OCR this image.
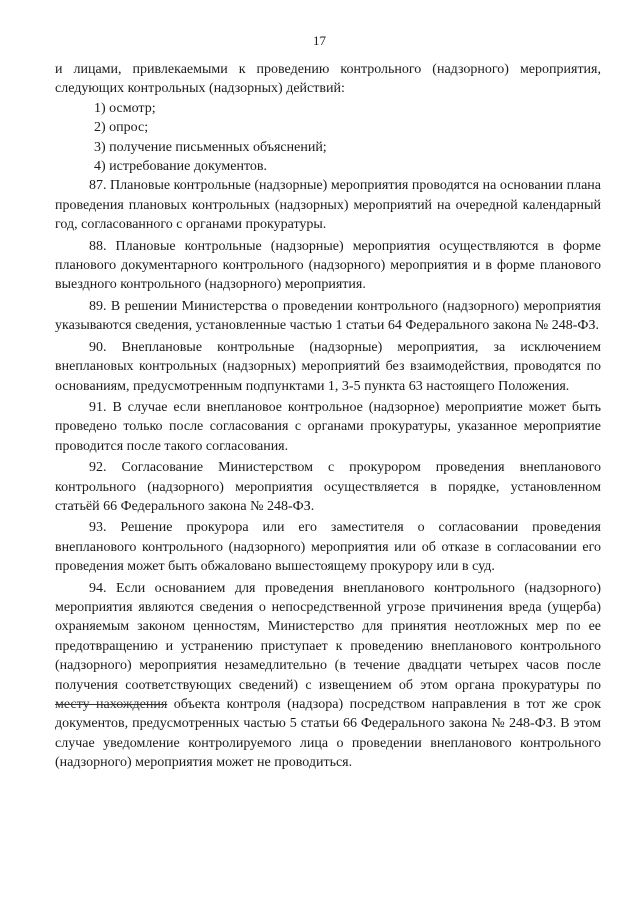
17

и лицами, привлекаемыми к проведению контрольного (надзорного) мероприятия, следующих контрольных (надзорных) действий:

1) осмотр;

2) опрос;

3) получение письменных объяснений;

4) истребование документов.

87. Плановые контрольные (надзорные) мероприятия проводятся на основании плана проведения плановых контрольных (надзорных) мероприятий на очередной календарный год, согласованного с органами прокуратуры.

88. Плановые контрольные (надзорные) мероприятия осуществляются в форме планового документарного контрольного (надзорного) мероприятия и в форме планового выездного контрольного (надзорного) мероприятия.

89. В решении Министерства о проведении контрольного (надзорного) мероприятия указываются сведения, установленные частью 1 статьи 64 Федерального закона № 248-ФЗ.

90. Внеплановые контрольные (надзорные) мероприятия, за исключением внеплановых контрольных (надзорных) мероприятий без взаимодействия, проводятся по основаниям, предусмотренным подпунктами 1, 3-5 пункта 63 настоящего Положения.

91. В случае если внеплановое контрольное (надзорное) мероприятие может быть проведено только после согласования с органами прокуратуры, указанное мероприятие проводится после такого согласования.

92. Согласование Министерством с прокурором проведения внепланового контрольного (надзорного) мероприятия осуществляется в порядке, установленном статьёй 66 Федерального закона № 248-ФЗ.

93. Решение прокурора или его заместителя о согласовании проведения внепланового контрольного (надзорного) мероприятия или об отказе в согласовании его проведения может быть обжаловано вышестоящему прокурору или в суд.

94. Если основанием для проведения внепланового контрольного (надзорного) мероприятия являются сведения о непосредственной угрозе причинения вреда (ущерба) охраняемым законом ценностям, Министерство для принятия неотложных мер по ее предотвращению и устранению приступает к проведению внепланового контрольного (надзорного) мероприятия незамедлительно (в течение двадцати четырех часов после получения соответствующих сведений) с извещением об этом органа прокуратуры по месту нахождения объекта контроля (надзора) посредством направления в тот же срок документов, предусмотренных частью 5 статьи 66 Федерального закона № 248-ФЗ. В этом случае уведомление контролируемого лица о проведении внепланового контрольного (надзорного) мероприятия может не проводиться.
